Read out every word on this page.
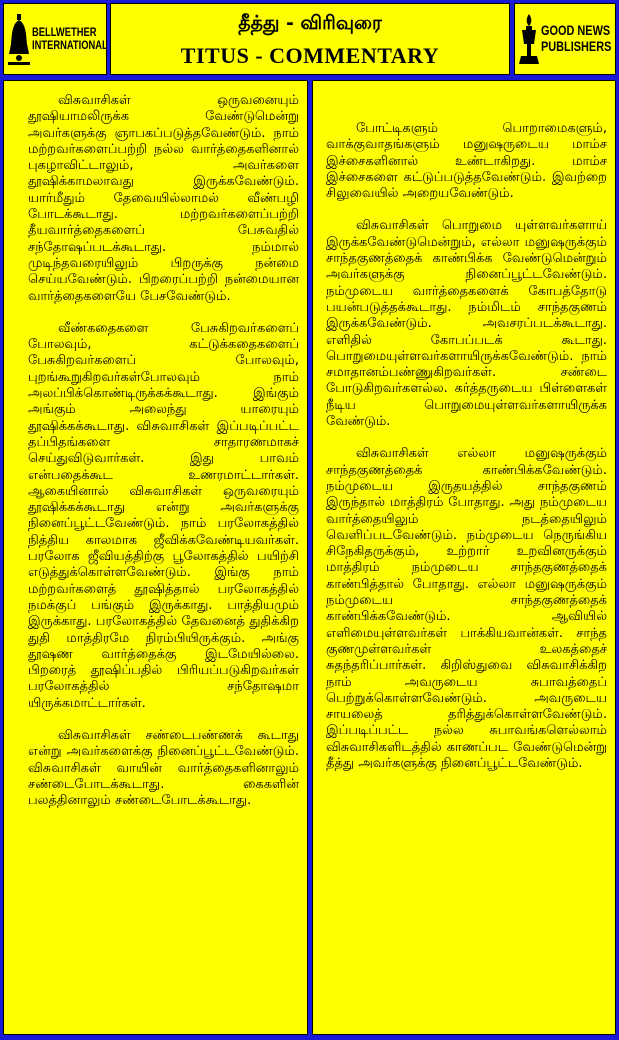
BELLWETHER
INTERNATIONAL
தீத்து - விரிவுரை
TITUS - COMMENTARY
GOOD NEWS
PUBLISHERS

விசுவாசிகள் ஒருவனையும் தூஷியாமலிருக்க வேண்டுமென்று அவர்களுக்கு ஞாபகப்படுத்தவேண்டும். நாம் மற்றவர்களைப்பற்றி நல்ல வார்த்தைகளினால் புகழாவிட்டாலும், அவர்களை தூஷிக்காமலாவது இருக்கவேண்டும். யார்மீதும் தேவையில்லாமல் வீண்பழி போடக்கூடாது. மற்றவர்களைப்பற்றி தீயவார்த்தைகளைப் பேசுவதில் சந்தோஷப்படக்கூடாது. நம்மால் முடிந்தவரையிலும் பிறருக்கு நன்மை செய்யவேண்டும். பிறரைப்பற்றி நன்மையான வார்த்தைகளையே பேசவேண்டும்.

வீண்கதைகளை பேசுகிறவர்களைப் போலவும், கட்டுக்கதைகளைப் பேசுகிறவர்களைப் போலவும், புறங்கூறுகிறவர்கள்போலவும் நாம் அலப்பிக்கொண்டிருக்கக்கூடாது. இங்கும் அங்கும் அலைந்து யாரையும் தூஷிக்கக்கூடாது. விசுவாசிகள் இப்படிப்பட்ட தப்பிதங்களை சாதாரணமாகச் செய்துவிடுவார்கள். இது பாவம் என்பதைக்கூட உணரமாட்டார்கள். ஆகையினால் விசுவாசிகள் ஒருவரையும் தூஷிக்கக்கூடாது என்று அவர்களுக்கு நினைப்பூட்டவேண்டும். நாம் பரலோகத்தில் நித்திய காலமாக ஜீவிக்கவேண்டியவர்கள். பரலோக ஜீவியத்திற்கு பூலோகத்தில் பயிற்சி எடுத்துக்கொள்ளவேண்டும். இங்கு நாம் மற்றவர்களைத் தூஷித்தால் பரலோகத்தில் நமக்குப் பங்கும் இருக்காது. பாத்தியமும் இருக்காது. பரலோகத்தில் தேவனைத் துதிக்கிற துதி மாத்திரமே நிரம்பியிருக்கும். அங்கு தூஷண வார்த்தைக்கு இடமேயில்லை. பிறரைத் தூஷிப்பதில் பிரியப்படுகிறவர்கள் பரலோகத்தில் சந்தோஷமா யிருக்கமாட்டார்கள்.

விசுவாசிகள் சண்டைபண்ணக் கூடாது என்று அவர்களைக்கு நினைப்பூட்டவேண்டும். விசுவாசிகள் வாயின் வார்த்தைகளினாலும் சண்டைபோடக்கூடாது. கைகளின் பலத்தினாலும் சண்டைபோடக்கூடாது.

போட்டிகளும் பொறாமைகளும், வாக்குவாதங்களும் மனுஷருடைய மாம்ச இச்சைகளினால் உண்டாகிறது. மாம்ச இச்சைகளை கட்டுப்படுத்தவேண்டும். இவற்றை சிலுவையில் அறையவேண்டும்.

விசுவாசிகள் பொறுமை யுள்ளவர்களாய் இருக்கவேண்டுமென்றும், எல்லா மனுஷருக்கும் சாந்தகுணத்தைக் காண்பிக்க வேண்டுமென்றும் அவர்களுக்கு நினைப்பூட்டவேண்டும். நம்முடைய வார்த்தைகளைக் கோபத்தோடு பயன்படுத்தக்கூடாது. நம்மிடம் சாந்தகுணம் இருக்கவேண்டும். அவசரப்படக்கூடாது. எளிதில் கோபப்படக் கூடாது. பொறுமையுள்ளவர்களாயிருக்கவேண்டும். நாம் சமாதானம்பண்ணுகிறவர்கள். சண்டை போடுகிறவர்களல்ல. கர்த்தருடைய பிள்ளைகள் நீடிய பொறுமையுள்ளவர்களாயிருக்க வேண்டும்.

விசுவாசிகள் எல்லா மனுஷருக்கும் சாந்தகுணத்தைக் காண்பிக்கவேண்டும். நம்முடைய இருதயத்தில் சாந்தகுணம் இருந்தால் மாத்திரம் போதாது. அது நம்முடைய வார்த்தையிலும் நடத்தையிலும் வெளிப்படவேண்டும். நம்முடைய நெருங்கிய சிநேகிதருக்கும், உற்றார் உறவினருக்கும் மாத்திரம் நம்முடைய சாந்தகுணத்தைக் காண்பித்தால் போதாது. எல்லா மனுஷருக்கும் நம்முடைய சாந்தகுணத்தைக் காண்பிக்கவேண்டும். ஆவியில் எளிமையுள்ளவர்கள் பாக்கியவான்கள். சாந்த குணமுள்ளவர்கள் உலகத்தைச் சுதந்தரிப்பார்கள். கிறிஸ்துவை விசுவாசிக்கிற நாம் அவருடைய சுபாவத்தைப் பெற்றுக்கொள்ளவேண்டும். அவருடைய சாயலைத் தரித்துக்கொள்ளவேண்டும். இப்படிப்பட்ட நல்ல சுபாவங்களெல்லாம் விசுவாசிகளிடத்தில் காணப்பட வேண்டுமென்று தீத்து அவர்களுக்கு நினைப்பூட்டவேண்டும்.
